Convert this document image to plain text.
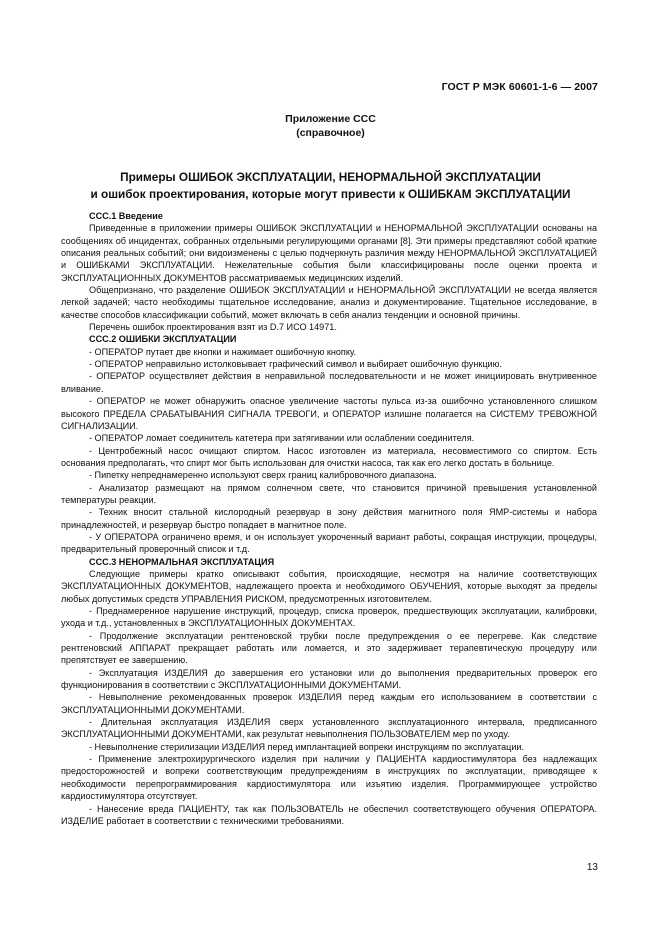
ГОСТ Р МЭК 60601-1-6 — 2007
Приложение ССС
(справочное)
Примеры ОШИБОК ЭКСПЛУАТАЦИИ, НЕНОРМАЛЬНОЙ ЭКСПЛУАТАЦИИ
и ошибок проектирования, которые могут привести к ОШИБКАМ ЭКСПЛУАТАЦИИ

ССС.1 Введение

Приведенные в приложении примеры ОШИБОК ЭКСПЛУАТАЦИИ и НЕНОРМАЛЬНОЙ ЭКСПЛУАТАЦИИ основаны на сообщениях об инцидентах, собранных отдельными регулирующими органами [8]. Эти примеры представляют собой краткие описания реальных событий; они видоизменены с целью подчеркнуть различия между НЕНОРМАЛЬНОЙ ЭКСПЛУАТАЦИЕЙ и ОШИБКАМИ ЭКСПЛУАТАЦИИ. Нежелательные события были классифицированы после оценки проекта и ЭКСПЛУАТАЦИОННЫХ ДОКУМЕНТОВ рассматриваемых медицинских изделий.

Общепризнано, что разделение ОШИБОК ЭКСПЛУАТАЦИИ и НЕНОРМАЛЬНОЙ ЭКСПЛУАТАЦИИ не всегда является легкой задачей; часто необходимы тщательное исследование, анализ и документирование. Тщательное исследование, в качестве способов классификации событий, может включать в себя анализ тенденции и основной причины.

Перечень ошибок проектирования взят из D.7 ИСО 14971.

ССС.2 ОШИБКИ ЭКСПЛУАТАЦИИ

- ОПЕРАТОР путает две кнопки и нажимает ошибочную кнопку.

- ОПЕРАТОР неправильно истолковывает графический символ и выбирает ошибочную функцию.

- ОПЕРАТОР осуществляет действия в неправильной последовательности и не может инициировать внутривенное вливание.

- ОПЕРАТОР не может обнаружить опасное увеличение частоты пульса из-за ошибочно установленного слишком высокого ПРЕДЕЛА СРАБАТЫВАНИЯ СИГНАЛА ТРЕВОГИ, и ОПЕРАТОР излишне полагается на СИСТЕМУ ТРЕВОЖНОЙ СИГНАЛИЗАЦИИ.

- ОПЕРАТОР ломает соединитель катетера при затягивании или ослаблении соединителя.

- Центробежный насос очищают спиртом. Насос изготовлен из материала, несовместимого со спиртом. Есть основания предполагать, что спирт мог быть использован для очистки насоса, так как его легко достать в больнице.

- Пипетку непреднамеренно используют сверх границ калибровочного диапазона.

- Анализатор размещают на прямом солнечном свете, что становится причиной превышения установленной температуры реакции.

- Техник вносит стальной кислородный резервуар в зону действия магнитного поля ЯМР-системы и набора принадлежностей, и резервуар быстро попадает в магнитное поле.

- У ОПЕРАТОРА ограничено время, и он использует укороченный вариант работы, сокращая инструкции, процедуры, предварительный проверочный список и т.д.

ССС.3 НЕНОРМАЛЬНАЯ ЭКСПЛУАТАЦИЯ

Следующие примеры кратко описывают события, происходящие, несмотря на наличие соответствующих ЭКСПЛУАТАЦИОННЫХ ДОКУМЕНТОВ, надлежащего проекта и необходимого ОБУЧЕНИЯ, которые выходят за пределы любых допустимых средств УПРАВЛЕНИЯ РИСКОМ, предусмотренных изготовителем.

- Преднамеренное нарушение инструкций, процедур, списка проверок, предшествующих эксплуатации, калибровки, ухода и т.д., установленных в ЭКСПЛУАТАЦИОННЫХ ДОКУМЕНТАХ.

- Продолжение эксплуатации рентгеновской трубки после предупреждения о ее перегреве. Как следствие рентгеновский АППАРАТ прекращает работать или ломается, и это задерживает терапевтическую процедуру или препятствует ее завершению.

- Эксплуатация ИЗДЕЛИЯ до завершения его установки или до выполнения предварительных проверок его функционирования в соответствии с ЭКСПЛУАТАЦИОННЫМИ ДОКУМЕНТАМИ.

- Невыполнение рекомендованных проверок ИЗДЕЛИЯ перед каждым его использованием в соответствии с ЭКСПЛУАТАЦИОННЫМИ ДОКУМЕНТАМИ.

- Длительная эксплуатация ИЗДЕЛИЯ сверх установленного эксплуатационного интервала, предписанного ЭКСПЛУАТАЦИОННЫМИ ДОКУМЕНТАМИ, как результат невыполнения ПОЛЬЗОВАТЕЛЕМ мер по уходу.

- Невыполнение стерилизации ИЗДЕЛИЯ перед имплантацией вопреки инструкциям по эксплуатации.

- Применение электрохирургического изделия при наличии у ПАЦИЕНТА кардиостимулятора без надлежащих предосторожностей и вопреки соответствующим предупреждениям в инструкциях по эксплуатации, приводящее к необходимости перепрограммирования кардиостимулятора или изъятию изделия. Программирующее устройство кардиостимулятора отсутствует.

- Нанесение вреда ПАЦИЕНТУ, так как ПОЛЬЗОВАТЕЛЬ не обеспечил соответствующего обучения ОПЕРАТОРА. ИЗДЕЛИЕ работает в соответствии с техническими требованиями.

13
